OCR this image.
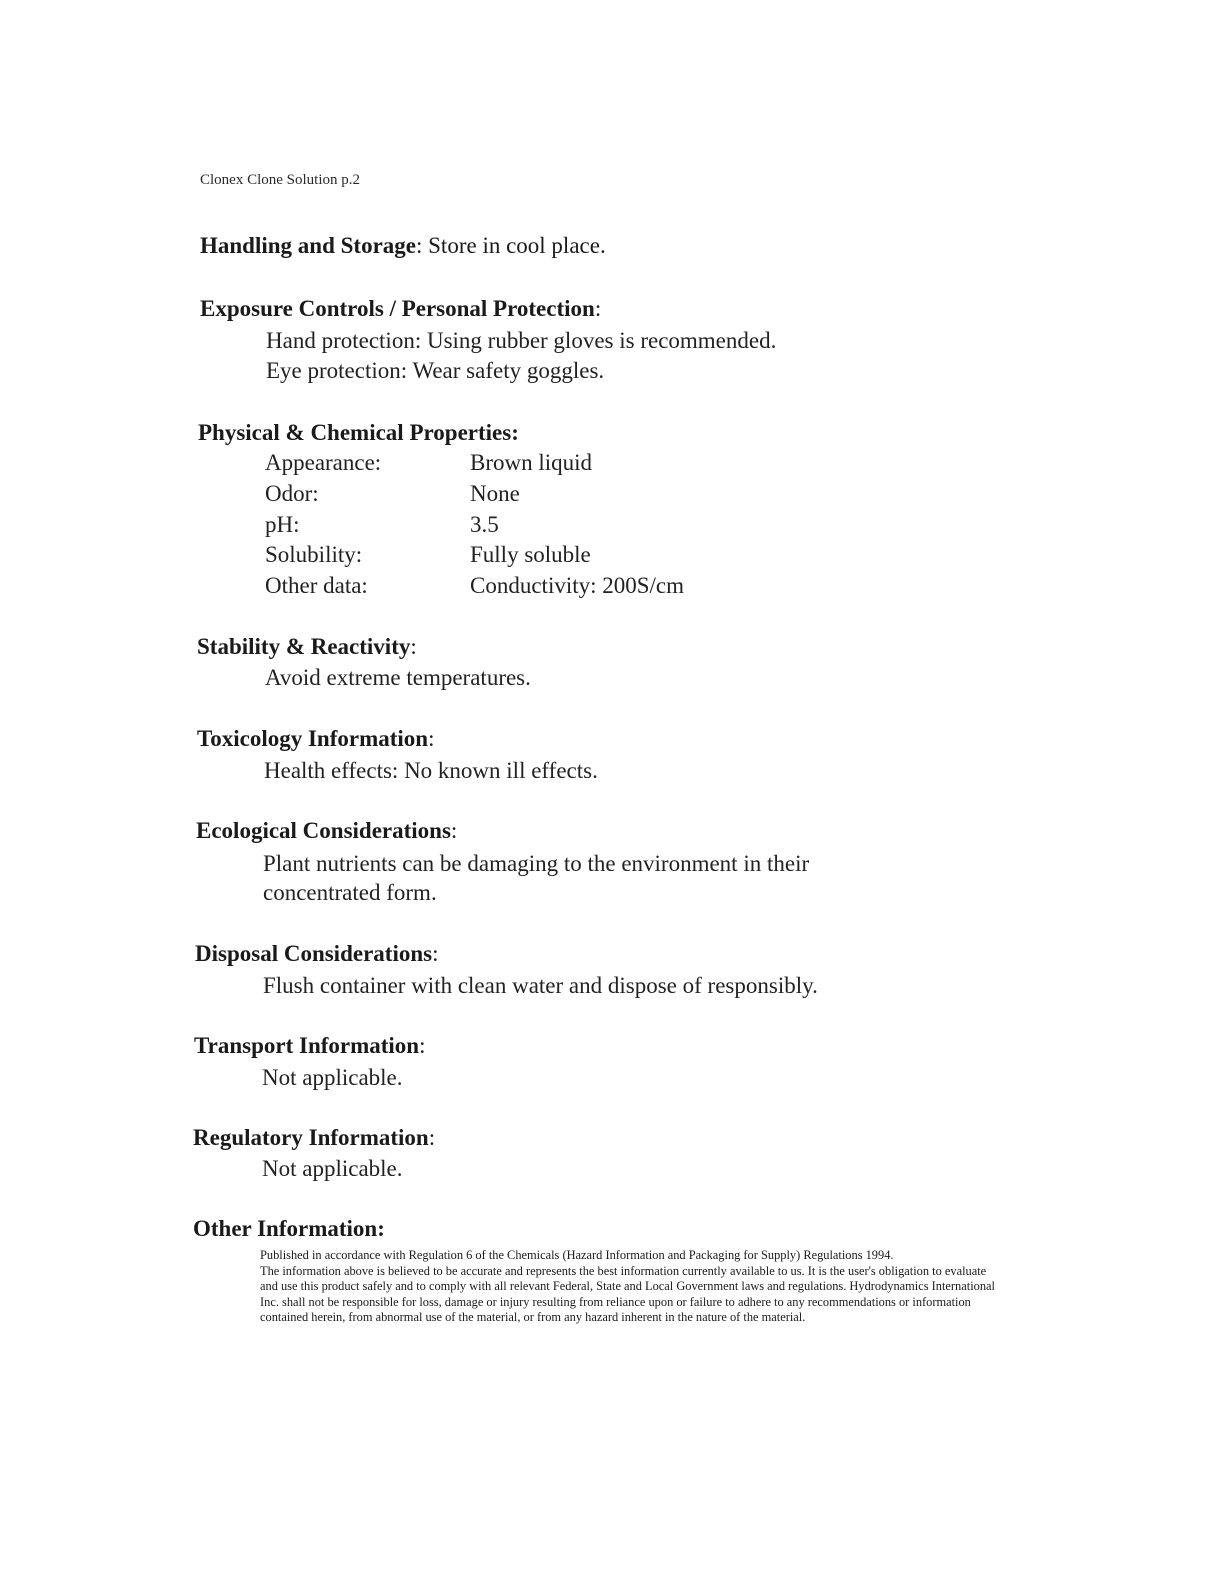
Clonex Clone Solution p.2
Handling and Storage: Store in cool place.
Exposure Controls / Personal Protection:
Hand protection: Using rubber gloves is recommended.
Eye protection: Wear safety goggles.
Physical & Chemical Properties:
Appearance:	Brown liquid
Odor:	None
pH:	3.5
Solubility:	Fully soluble
Other data:	Conductivity: 200S/cm
Stability & Reactivity:
Avoid extreme temperatures.
Toxicology Information:
Health effects: No known ill effects.
Ecological Considerations:
Plant nutrients can be damaging to the environment in their
concentrated form.
Disposal Considerations:
Flush container with clean water and dispose of responsibly.
Transport Information:
Not applicable.
Regulatory Information:
Not applicable.
Other Information:

Published in accordance with Regulation 6 of the Chemicals (Hazard Information and Packaging for Supply) Regulations 1994.

The information above is believed to be accurate and represents the best information currently available to us. It is the user's obligation to evaluate and use this product safely and to comply with all relevant Federal, State and Local Government laws and regulations. Hydrodynamics International Inc. shall not be responsible for loss, damage or injury resulting from reliance upon or failure to adhere to any recommendations or information contained herein, from abnormal use of the material, or from any hazard inherent in the nature of the material.
